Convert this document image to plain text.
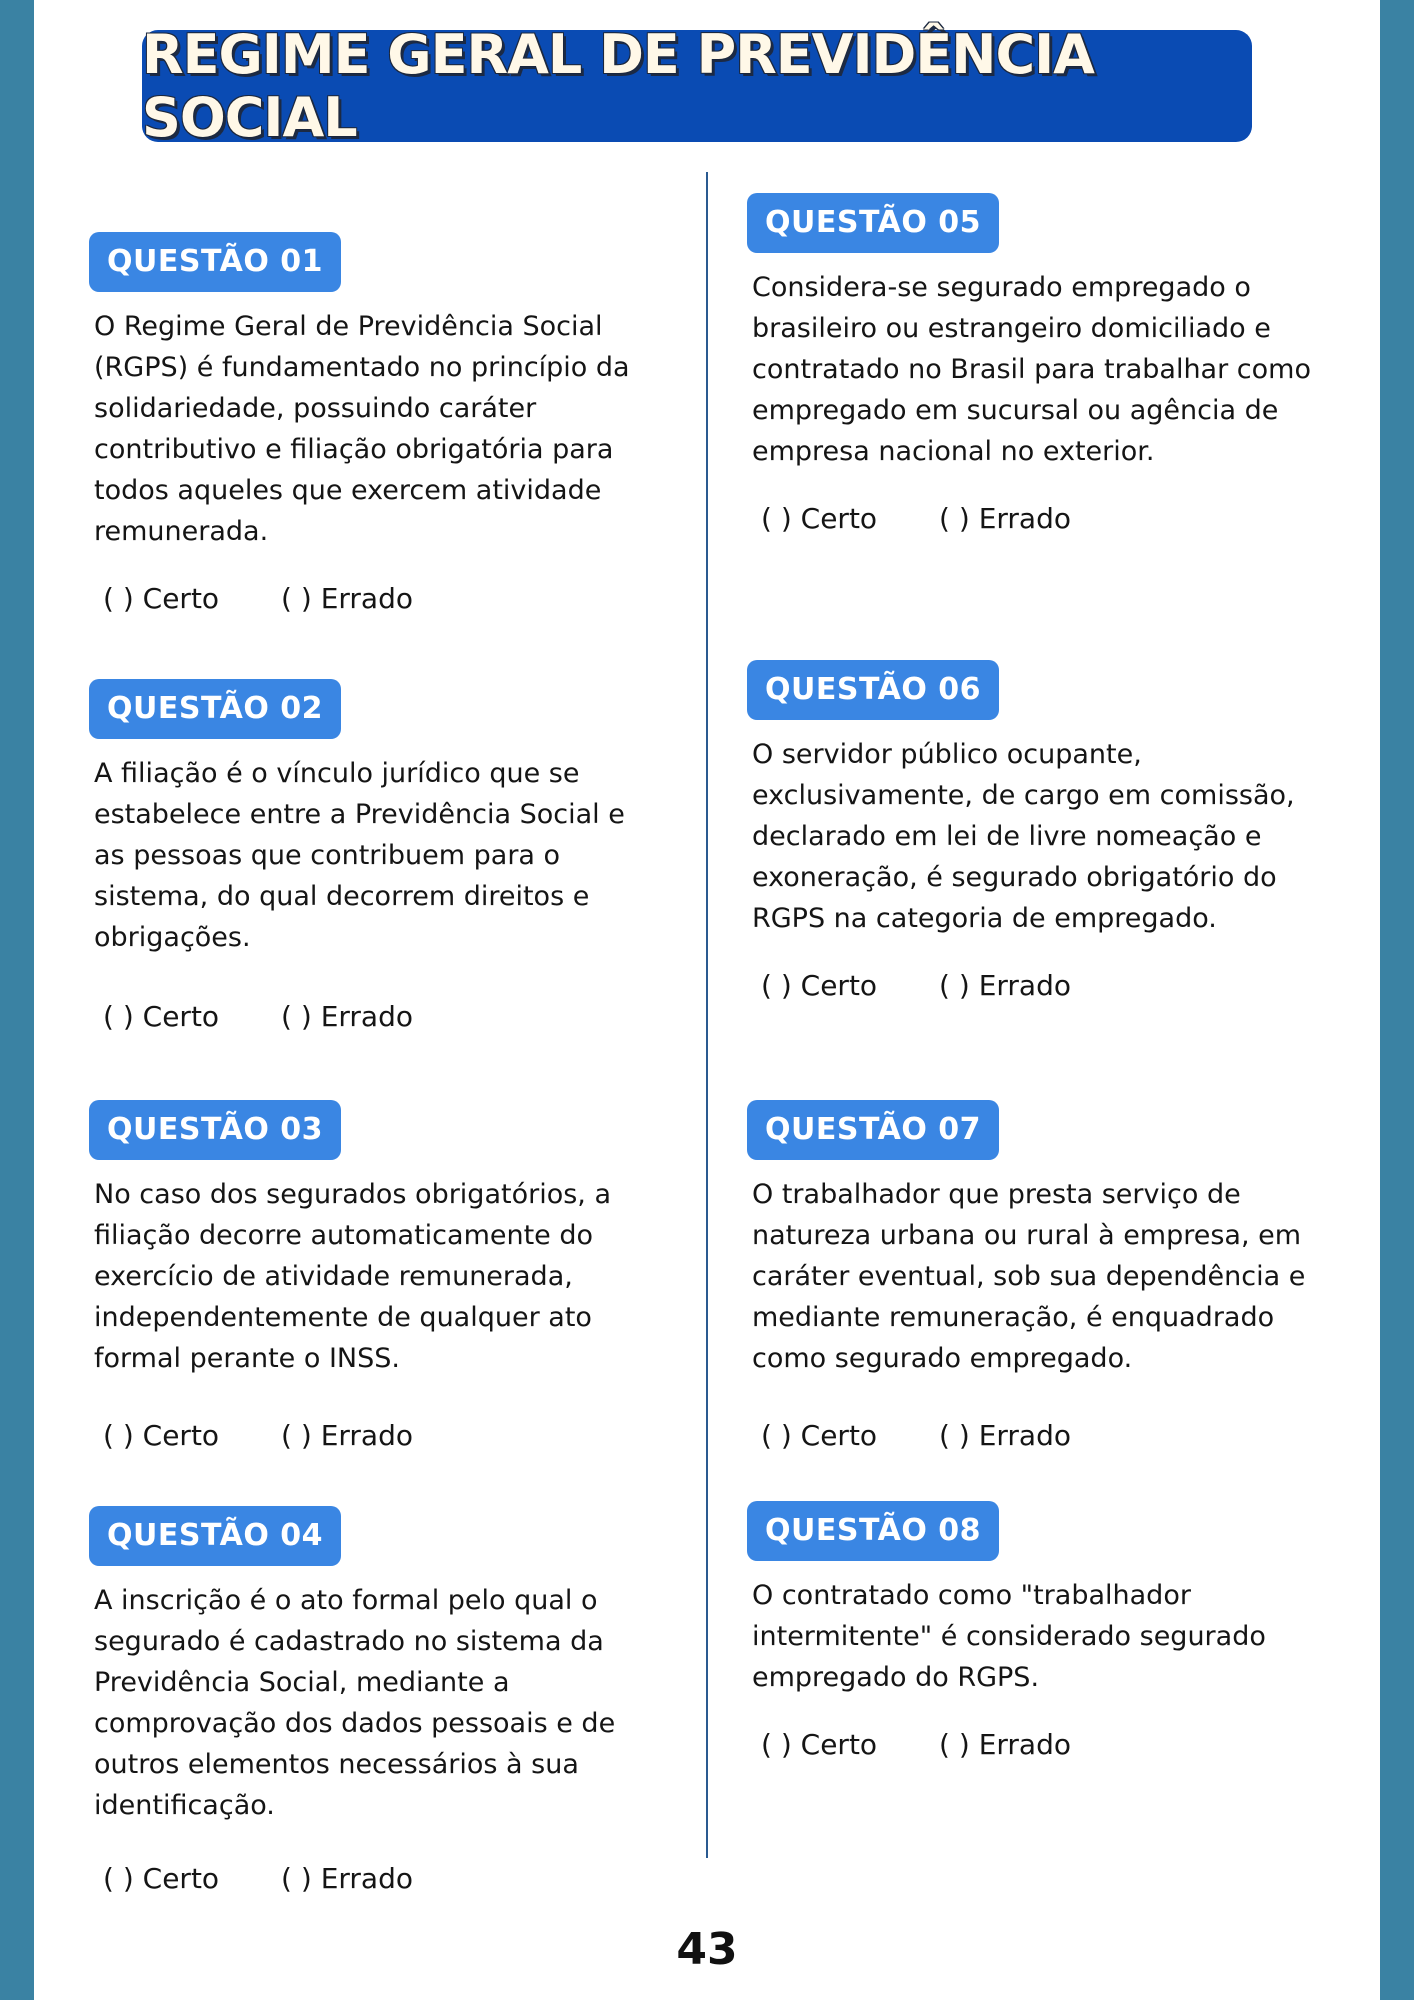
REGIME GERAL DE PREVIDÊNCIA SOCIAL
QUESTÃO 01
O Regime Geral de Previdência Social (RGPS) é fundamentado no princípio da solidariedade, possuindo caráter contributivo e filiação obrigatória para todos aqueles que exercem atividade remunerada.
( ) Certo ( ) Errado
QUESTÃO 02
A filiação é o vínculo jurídico que se estabelece entre a Previdência Social e as pessoas que contribuem para o sistema, do qual decorrem direitos e obrigações.
( ) Certo ( ) Errado
QUESTÃO 03
No caso dos segurados obrigatórios, a filiação decorre automaticamente do exercício de atividade remunerada, independentemente de qualquer ato formal perante o INSS.
( ) Certo ( ) Errado
QUESTÃO 04
A inscrição é o ato formal pelo qual o segurado é cadastrado no sistema da Previdência Social, mediante a comprovação dos dados pessoais e de outros elementos necessários à sua identificação.
( ) Certo ( ) Errado
QUESTÃO 05
Considera-se segurado empregado o brasileiro ou estrangeiro domiciliado e contratado no Brasil para trabalhar como empregado em sucursal ou agência de empresa nacional no exterior.
( ) Certo ( ) Errado
QUESTÃO 06
O servidor público ocupante, exclusivamente, de cargo em comissão, declarado em lei de livre nomeação e exoneração, é segurado obrigatório do RGPS na categoria de empregado.
( ) Certo ( ) Errado
QUESTÃO 07
O trabalhador que presta serviço de natureza urbana ou rural à empresa, em caráter eventual, sob sua dependência e mediante remuneração, é enquadrado como segurado empregado.
( ) Certo ( ) Errado
QUESTÃO 08
O contratado como "trabalhador intermitente" é considerado segurado empregado do RGPS.
( ) Certo ( ) Errado
43
